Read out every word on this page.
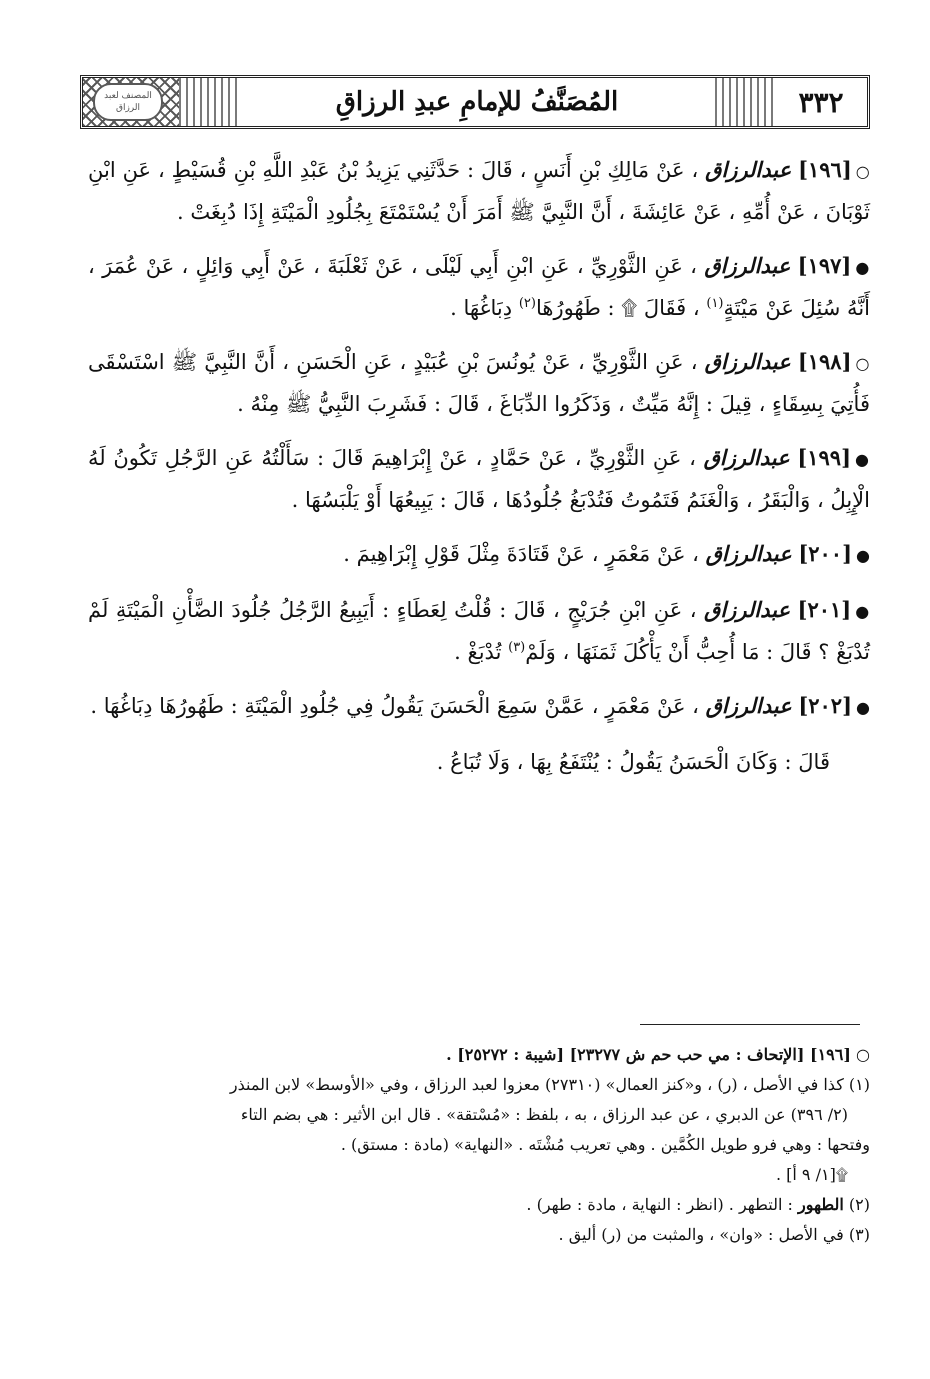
٣٣٢
المُصَنَّفُ للإمامِ عبدِ الرزاقِ
المصنف لعبد الرزاق

○[١٩٦] عبدالرزاق ، عَنْ مَالِكِ بْنِ أَنَسٍ ، قَالَ : حَدَّثَنِي يَزِيدُ بْنُ عَبْدِ اللَّهِ بْنِ قُسَيْطٍ ، عَنِ ابْنِ ثَوْبَانَ ، عَنْ أُمِّهِ ، عَنْ عَائِشَةَ ، أَنَّ النَّبِيَّ ﷺ أَمَرَ أَنْ يُسْتَمْتَعَ بِجُلُودِ الْمَيْتَةِ إِذَا دُبِغَتْ .

●[١٩٧] عبدالرزاق ، عَنِ الثَّوْرِيِّ ، عَنِ ابْنِ أَبِي لَيْلَى ، عَنْ ثَعْلَبَةَ ، عَنْ أَبِي وَائِلٍ ، عَنْ عُمَرَ ، أَنَّهُ سُئِلَ عَنْ مَيْتَةٍ$^{(١)}$ ، فَقَالَ ۩ : طَهُورُهَا$^{(٢)}$ دِبَاغُهَا .

○[١٩٨] عبدالرزاق ، عَنِ الثَّوْرِيِّ ، عَنْ يُونُسَ بْنِ عُبَيْدٍ ، عَنِ الْحَسَنِ ، أَنَّ النَّبِيَّ ﷺ اسْتَسْقَى فَأُتِيَ بِسِقَاءٍ ، قِيلَ : إِنَّهُ مَيِّتٌ ، وَذَكَرُوا الدِّبَاغَ ، قَالَ : فَشَرِبَ النَّبِيُّ ﷺ مِنْهُ .

●[١٩٩] عبدالرزاق ، عَنِ الثَّوْرِيِّ ، عَنْ حَمَّادٍ ، عَنْ إِبْرَاهِيمَ قَالَ : سَأَلْتُهُ عَنِ الرَّجُلِ تَكُونُ لَهُ الْإِبِلُ ، وَالْبَقَرُ ، وَالْغَنَمُ فَتَمُوتُ فَتُدْبَغُ جُلُودُهَا ، قَالَ : يَبِيعُهَا أَوْ يَلْبَسُهَا .

●[٢٠٠] عبدالرزاق ، عَنْ مَعْمَرٍ ، عَنْ قَتَادَةَ مِثْلَ قَوْلِ إِبْرَاهِيمَ .

●[٢٠١] عبدالرزاق ، عَنِ ابْنِ جُرَيْجٍ ، قَالَ : قُلْتُ لِعَطَاءٍ : أَيَبِيعُ الرَّجُلُ جُلُودَ الضَّأْنِ الْمَيْتَةِ لَمْ تُدْبَغْ ؟ قَالَ : مَا أُحِبُّ أَنْ يَأْكُلَ ثَمَنَهَا ، وَلَمْ$^{(٣)}$ تُدْبَغْ .

●[٢٠٢] عبدالرزاق ، عَنْ مَعْمَرٍ ، عَمَّنْ سَمِعَ الْحَسَنَ يَقُولُ فِي جُلُودِ الْمَيْتَةِ : طَهُورُهَا دِبَاغُهَا .

قَالَ : وَكَانَ الْحَسَنُ يَقُولُ : يُنْتَفَعُ بِهَا ، وَلَا تُبَاعُ .

○ [١٩٦] [الإتحاف : مي حب حم ش ٢٣٢٧٧] [شيبة : ٢٥٢٧٢] .

(١) كذا في الأصل ، (ر) ، و«كنز العمال» (٢٧٣١٠) معزوا لعبد الرزاق ، وفي «الأوسط» لابن المنذر

(٢/ ٣٩٦) عن الدبري ، عن عبد الرزاق ، به ، بلفظ : «مُسْتقة» . قال ابن الأثير : هي بضم التاء

وفتحها : وهي فرو طويل الكُمَّين . وهي تعريب مُشْتَه . «النهاية» (مادة : مستق) .

۩[١/ ٩ أ] .

(٢) الطهور : التطهر . (انظر : النهاية ، مادة : طهر) .

(٣) في الأصل : «وان» ، والمثبت من (ر) أليق .
